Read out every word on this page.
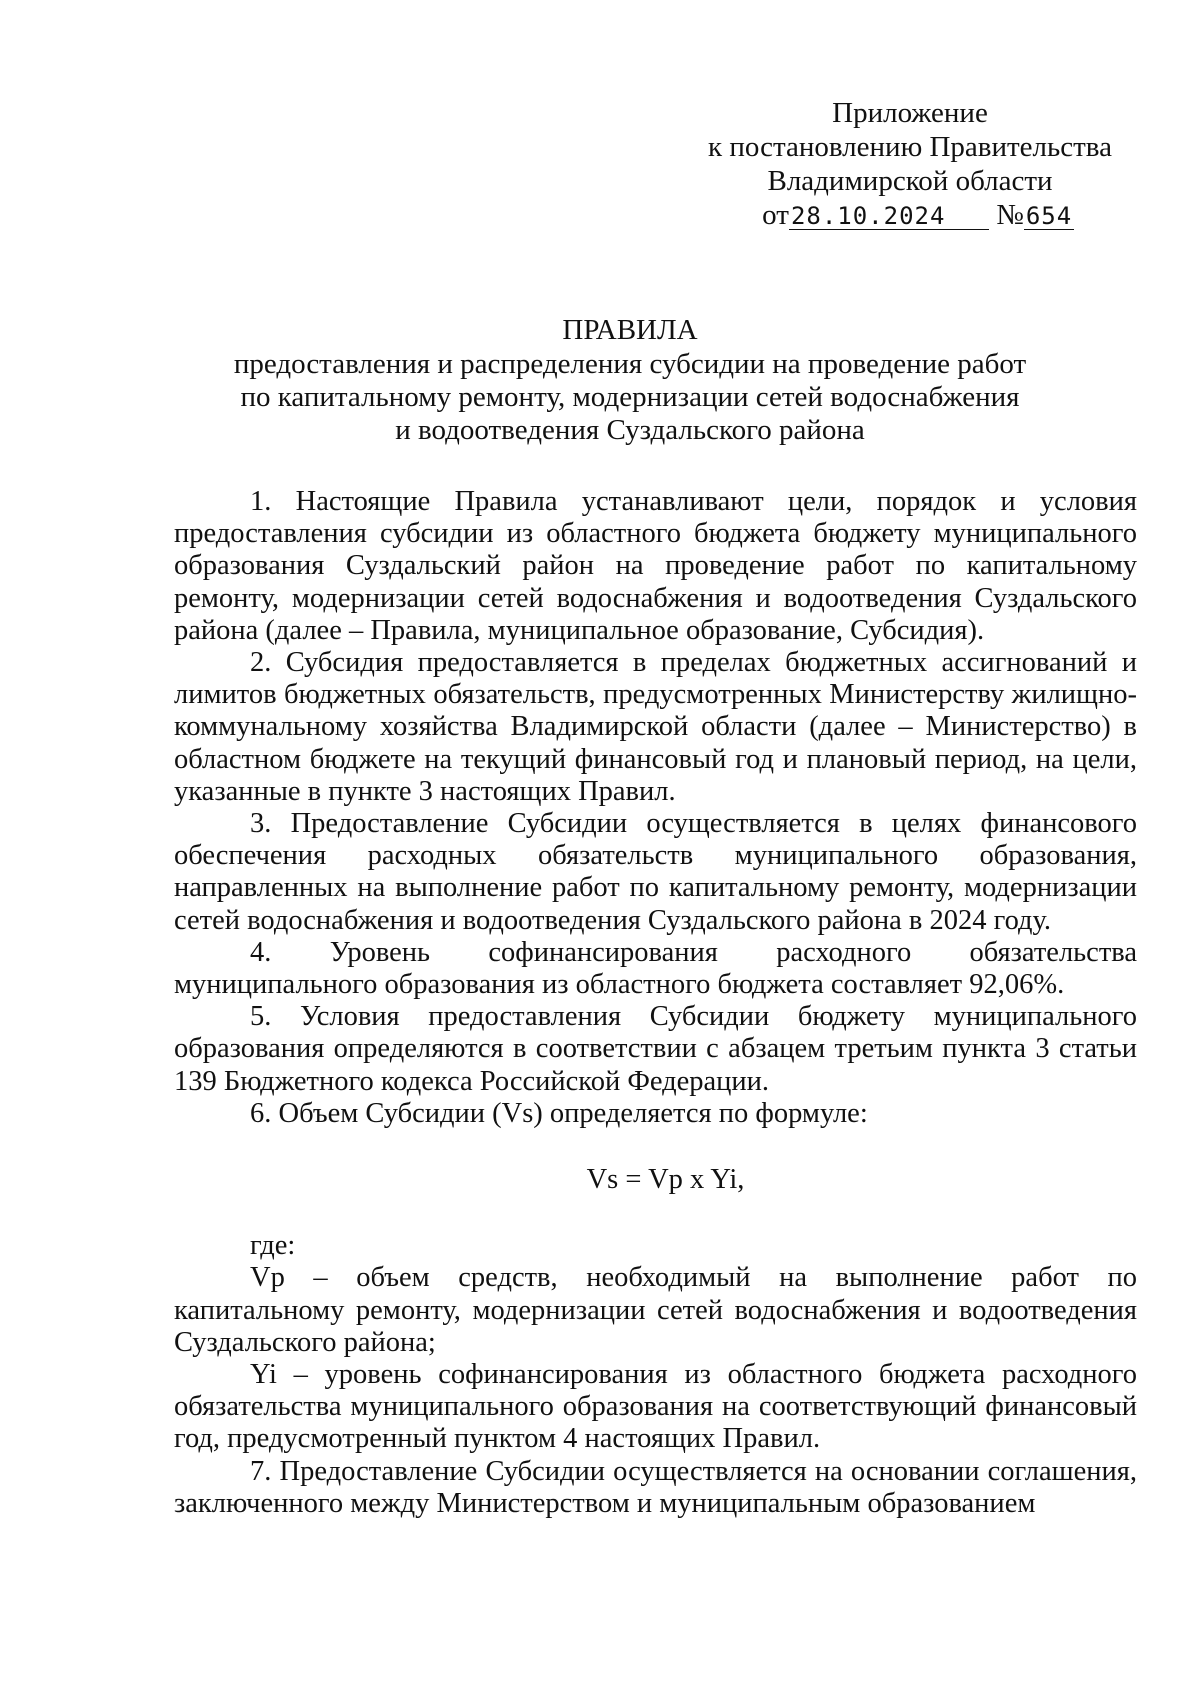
Приложение
к постановлению Правительства
Владимирской области
от28.10.2024 №654
ПРАВИЛА
предоставления и распределения субсидии на проведение работ
по капитальному ремонту, модернизации сетей водоснабжения
и водоотведения Суздальского района

1. Настоящие Правила устанавливают цели, порядок и условия предоставления субсидии из областного бюджета бюджету муниципального образования Суздальский район на проведение работ по капитальному ремонту, модернизации сетей водоснабжения и водоотведения Суздальского района (далее – Правила, муниципальное образование, Субсидия).

2. Субсидия предоставляется в пределах бюджетных ассигнований и лимитов бюджетных обязательств, предусмотренных Министерству жилищно-коммунальному хозяйства Владимирской области (далее – Министерство) в областном бюджете на текущий финансовый год и плановый период, на цели, указанные в пункте 3 настоящих Правил.

3. Предоставление Субсидии осуществляется в целях финансового обеспечения расходных обязательств муниципального образования, направленных на выполнение работ по капитальному ремонту, модернизации сетей водоснабжения и водоотведения Суздальского района в 2024 году.

4. Уровень софинансирования расходного обязательства муниципального образования из областного бюджета составляет 92,06%.

5. Условия предоставления Субсидии бюджету муниципального образования определяются в соответствии с абзацем третьим пункта 3 статьи 139 Бюджетного кодекса Российской Федерации.

6. Объем Субсидии (Vs) определяется по формуле:

Vs = Vp x Yi,

где:

Vp – объем средств, необходимый на выполнение работ по капитальному ремонту, модернизации сетей водоснабжения и водоотведения Суздальского района;

Yi – уровень софинансирования из областного бюджета расходного обязательства муниципального образования на соответствующий финансовый год, предусмотренный пунктом 4 настоящих Правил.

7. Предоставление Субсидии осуществляется на основании соглашения, заключенного между Министерством и муниципальным образованием
